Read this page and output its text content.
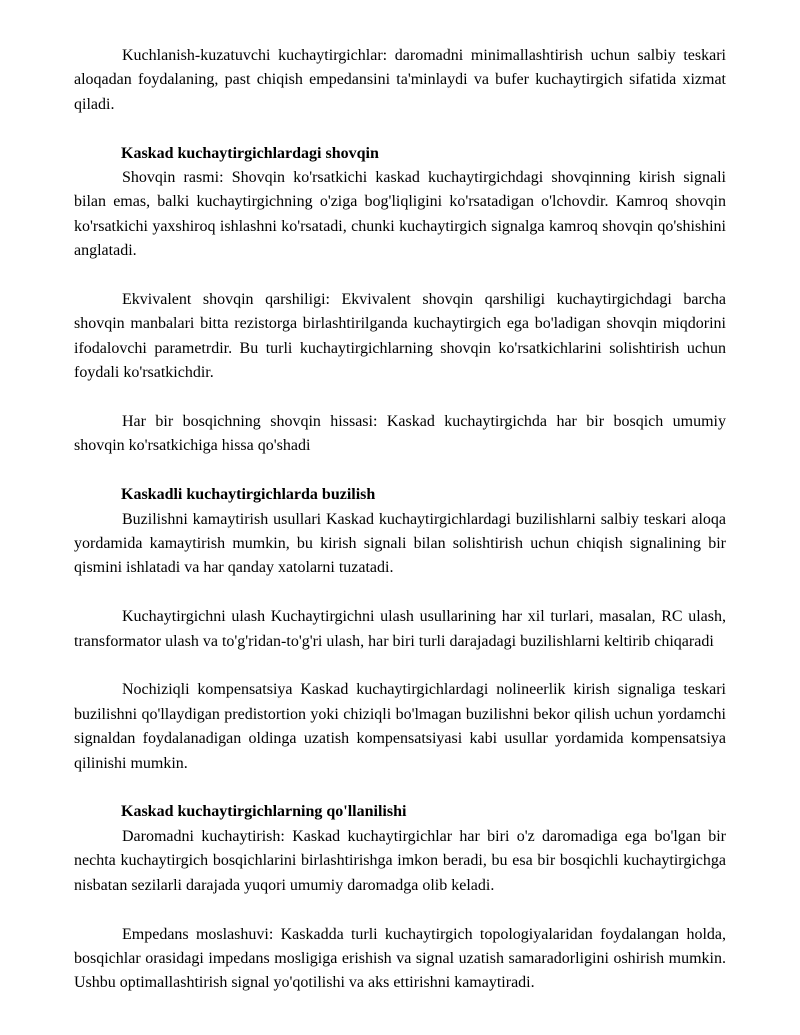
Kuchlanish-kuzatuvchi kuchaytirgichlar: daromadni minimallashtirish uchun salbiy teskari aloqadan foydalaning, past chiqish empedansini ta'minlaydi va bufer kuchaytirgich sifatida xizmat qiladi.

Kaskad kuchaytirgichlardagi shovqin

Shovqin rasmi: Shovqin ko'rsatkichi kaskad kuchaytirgichdagi shovqinning kirish signali bilan emas, balki kuchaytirgichning o'ziga bog'liqligini ko'rsatadigan o'lchovdir. Kamroq shovqin ko'rsatkichi yaxshiroq ishlashni ko'rsatadi, chunki kuchaytirgich signalga kamroq shovqin qo'shishini anglatadi.

Ekvivalent shovqin qarshiligi: Ekvivalent shovqin qarshiligi kuchaytirgichdagi barcha shovqin manbalari bitta rezistorga birlashtirilganda kuchaytirgich ega bo'ladigan shovqin miqdorini ifodalovchi parametrdir. Bu turli kuchaytirgichlarning shovqin ko'rsatkichlarini solishtirish uchun foydali ko'rsatkichdir.

Har bir bosqichning shovqin hissasi: Kaskad kuchaytirgichda har bir bosqich umumiy shovqin ko'rsatkichiga hissa qo'shadi

Kaskadli kuchaytirgichlarda buzilish

Buzilishni kamaytirish usullari Kaskad kuchaytirgichlardagi buzilishlarni salbiy teskari aloqa yordamida kamaytirish mumkin, bu kirish signali bilan solishtirish uchun chiqish signalining bir qismini ishlatadi va har qanday xatolarni tuzatadi.

Kuchaytirgichni ulash Kuchaytirgichni ulash usullarining har xil turlari, masalan, RC ulash, transformator ulash va to'g'ridan-to'g'ri ulash, har biri turli darajadagi buzilishlarni keltirib chiqaradi

Nochiziqli kompensatsiya Kaskad kuchaytirgichlardagi nolineerlik kirish signaliga teskari buzilishni qo'llaydigan predistortion yoki chiziqli bo'lmagan buzilishni bekor qilish uchun yordamchi signaldan foydalanadigan oldinga uzatish kompensatsiyasi kabi usullar yordamida kompensatsiya qilinishi mumkin.

Kaskad kuchaytirgichlarning qo'llanilishi

Daromadni kuchaytirish: Kaskad kuchaytirgichlar har biri o'z daromadiga ega bo'lgan bir nechta kuchaytirgich bosqichlarini birlashtirishga imkon beradi, bu esa bir bosqichli kuchaytirgichga nisbatan sezilarli darajada yuqori umumiy daromadga olib keladi.

Empedans moslashuvi: Kaskadda turli kuchaytirgich topologiyalaridan foydalangan holda, bosqichlar orasidagi impedans mosligiga erishish va signal uzatish samaradorligini oshirish mumkin. Ushbu optimallashtirish signal yo'qotilishi va aks ettirishni kamaytiradi.
